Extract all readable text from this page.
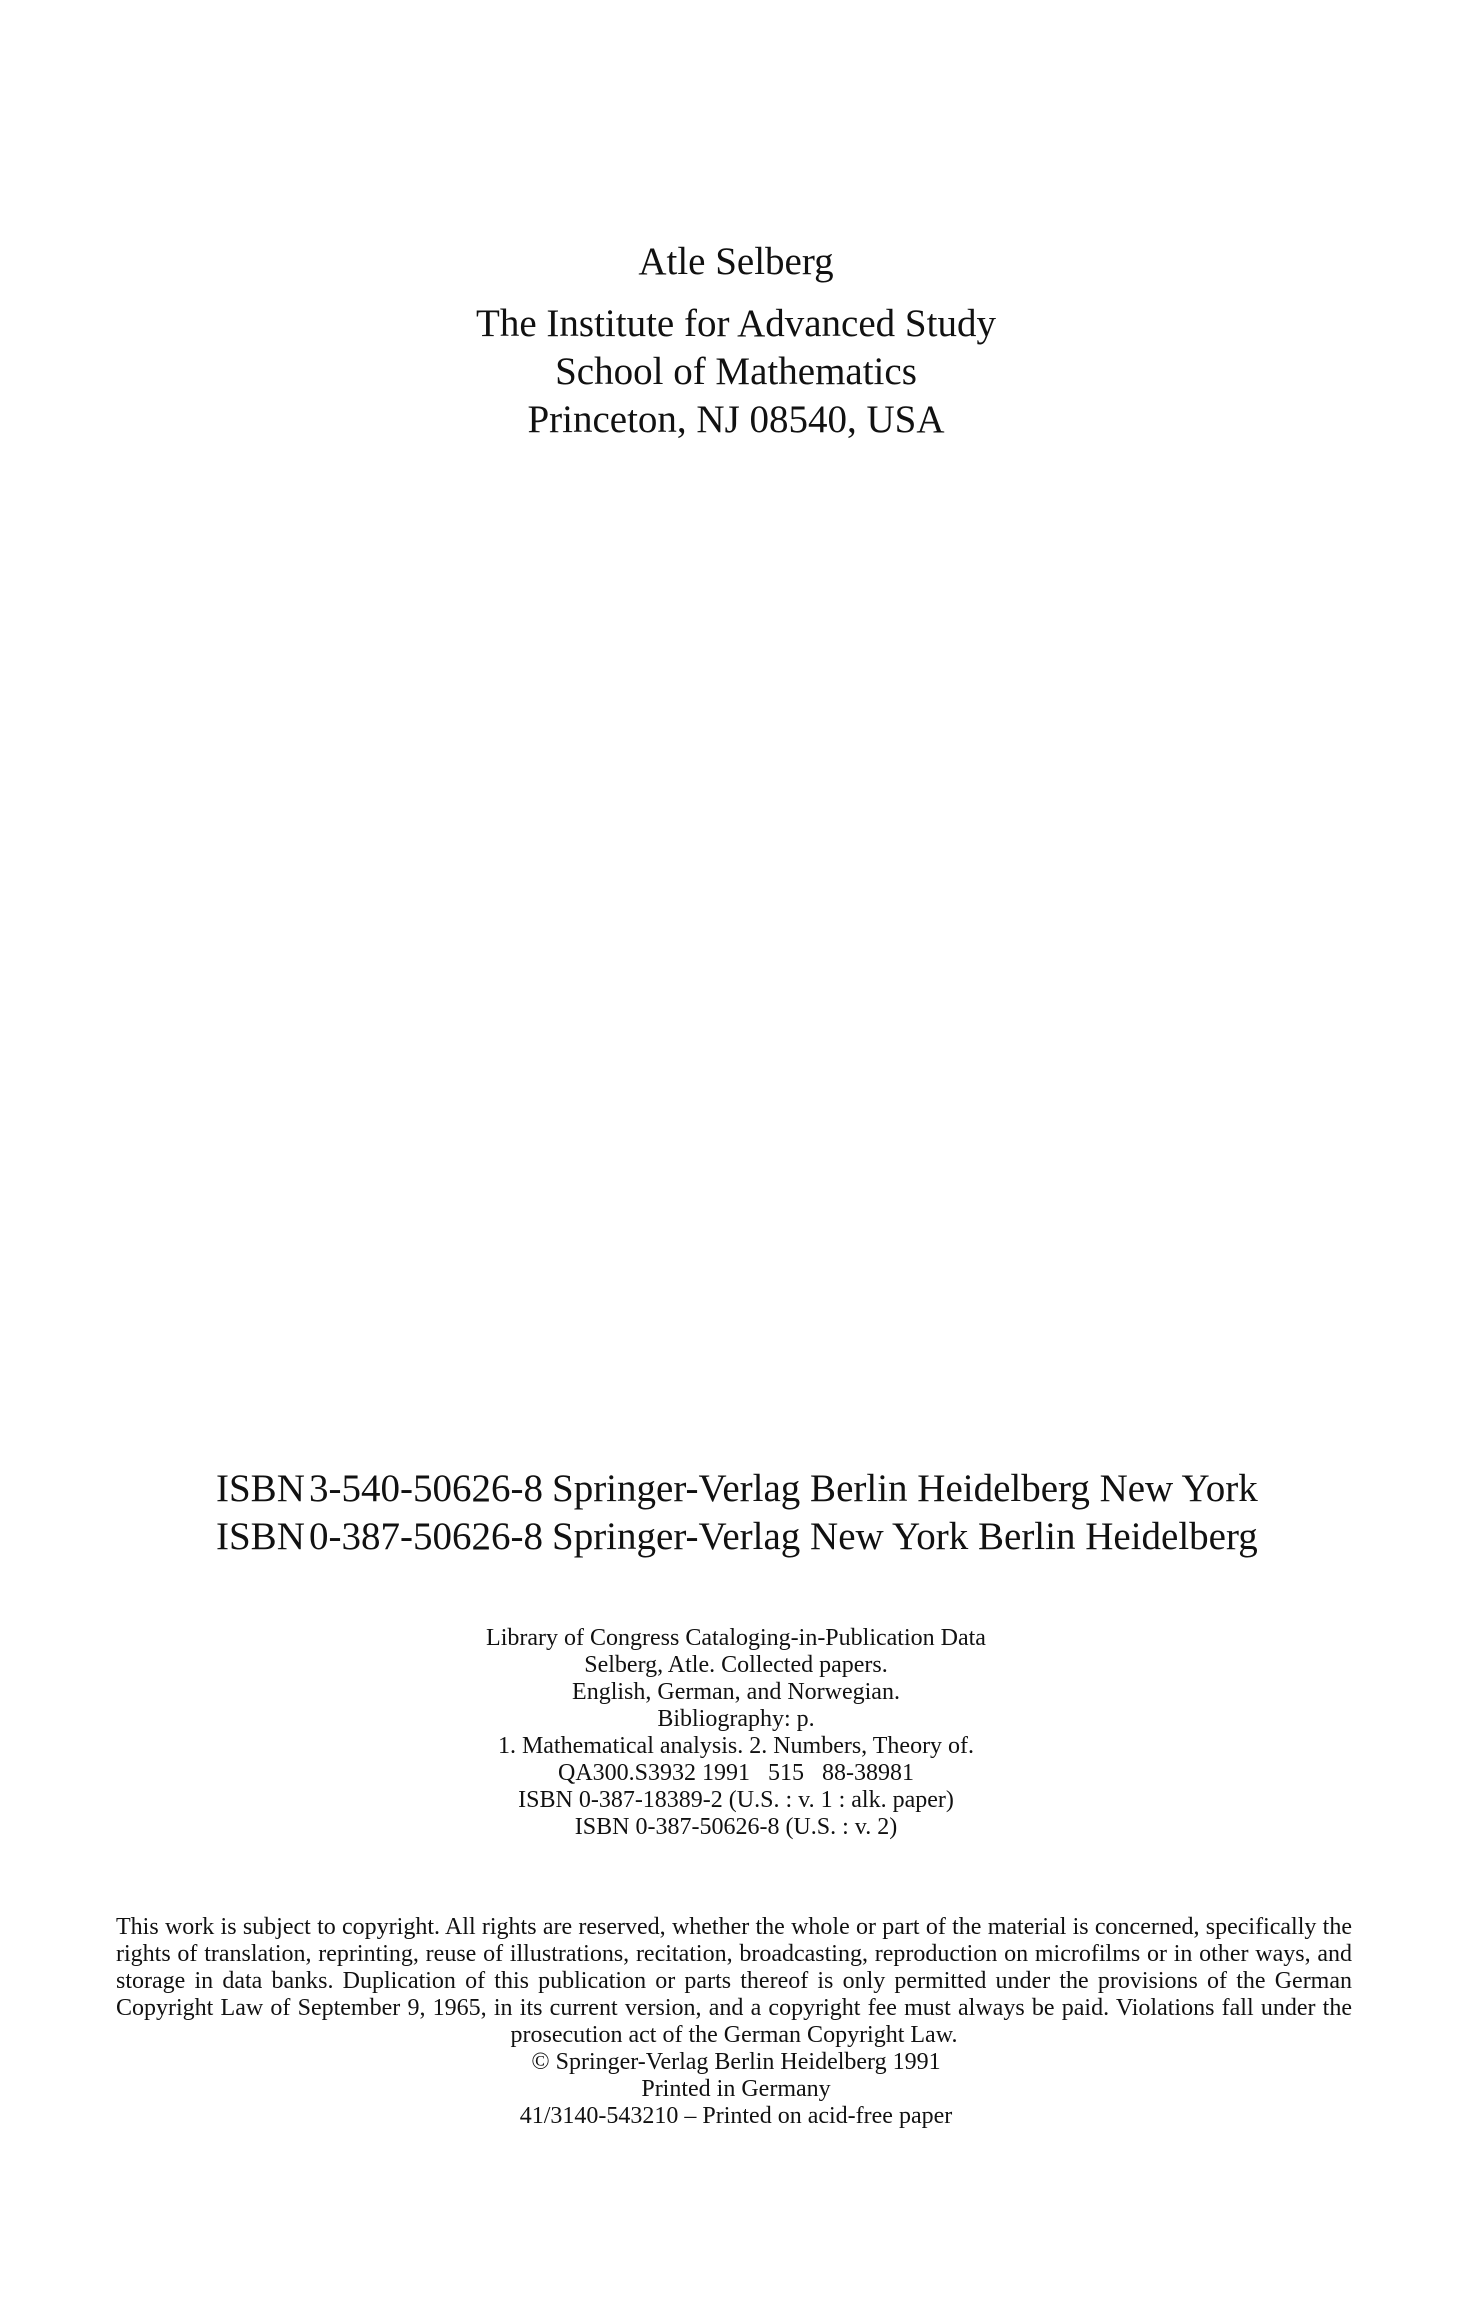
Atle Selberg
The Institute for Advanced Study
School of Mathematics
Princeton, NJ 08540, USA
ISBN 3-540-50626-8 Springer-Verlag Berlin Heidelberg New York
ISBN 0-387-50626-8 Springer-Verlag New York Berlin Heidelberg
Library of Congress Cataloging-in-Publication Data
Selberg, Atle. Collected papers.
English, German, and Norwegian.
Bibliography: p.
1. Mathematical analysis. 2. Numbers, Theory of.
QA300.S3932 1991   515   88-38981
ISBN 0-387-18389-2 (U.S. : v. 1 : alk. paper)
ISBN 0-387-50626-8 (U.S. : v. 2)
This work is subject to copyright. All rights are reserved, whether the whole or part of the material is concerned, specifically the rights of translation, reprinting, reuse of illustrations, recitation, broadcasting, reproduction on microfilms or in other ways, and storage in data banks. Duplication of this publication or parts thereof is only permitted under the provisions of the German Copyright Law of September 9, 1965, in its current version, and a copyright fee must always be paid. Violations fall under the prosecution act of the German Copyright Law.
© Springer-Verlag Berlin Heidelberg 1991
Printed in Germany
41/3140-543210 – Printed on acid-free paper
